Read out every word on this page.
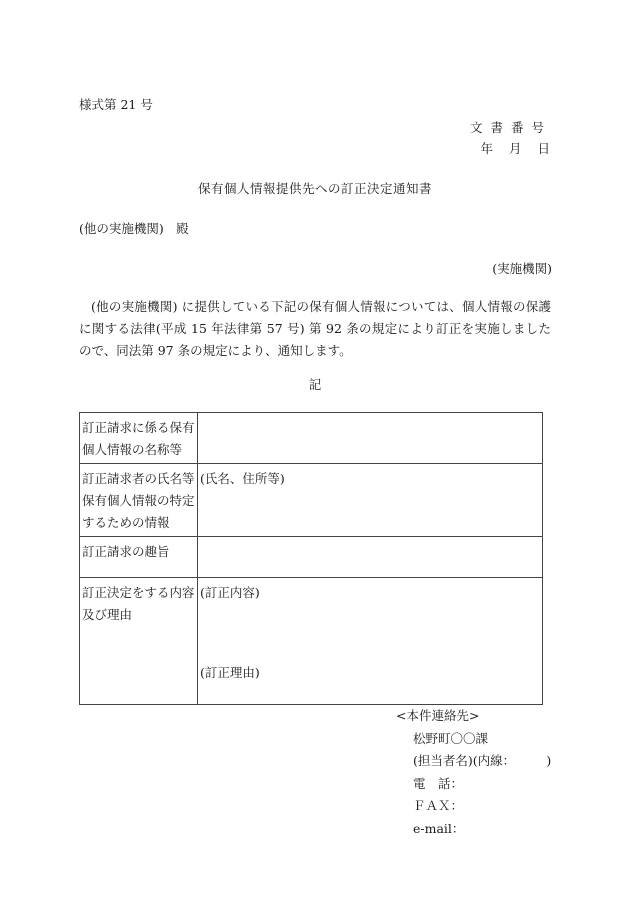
様式第 21 号
文書番号
年 月 日
保有個人情報提供先への訂正決定通知書
(他の実施機関)　殿
(実施機関)
(他の実施機関) に提供している下記の保有個人情報については、個人情報の保護に関する法律(平成 15 年法律第 57 号) 第 92 条の規定により訂正を実施しましたので、同法第 97 条の規定により、通知します。
記
訂正請求に係る保有個人情報の名称等	
訂正請求者の氏名等保有個人情報の特定するための情報	(氏名、住所等)
訂正請求の趣旨	
訂正決定をする内容及び理由	(訂正内容)
(訂正理由)
<本件連絡先>
松野町〇〇課
(担当者名)(内線：　　　)
電　話：
ＦＡＸ：
e-mail：
